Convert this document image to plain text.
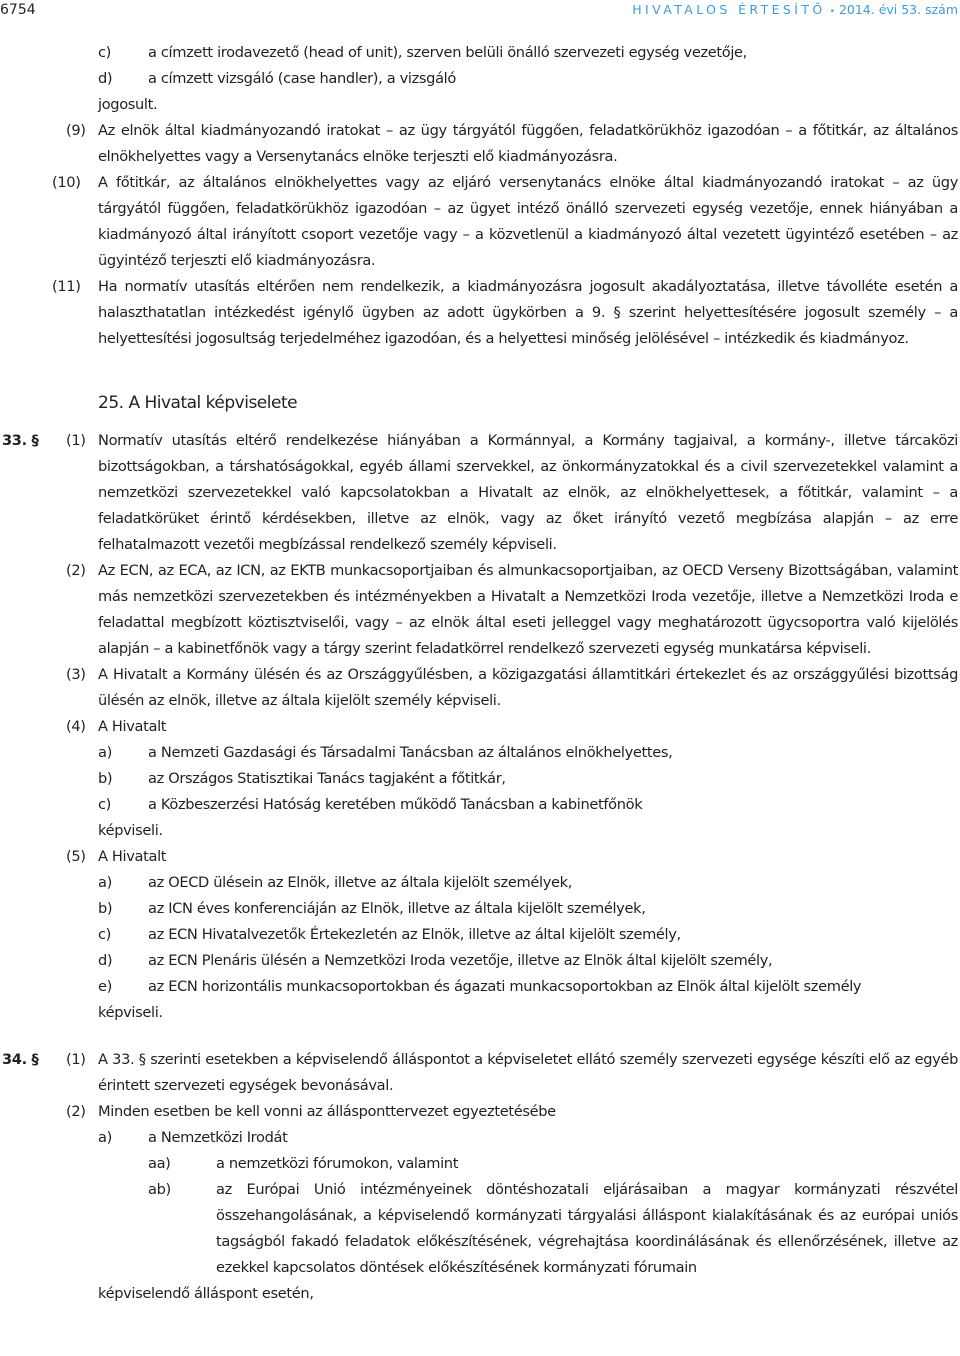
6754	HIVATALOS ÉRTESÍTŐ • 2014. évi 53. szám
c)	a címzett irodavezető (head of unit), szerven belüli önálló szervezeti egység vezetője,
d) a címzett vizsgáló (case handler), a vizsgáló
jogosult.
(9) Az elnök által kiadmányozandó iratokat – az ügy tárgyától függően, feladatkörükhöz igazodóan – a főtitkár, az általános elnökhelyettes vagy a Versenytanács elnöke terjeszti elő kiadmányozásra.
(10) A főtitkár, az általános elnökhelyettes vagy az eljáró versenytanács elnöke által kiadmányozandó iratokat – az ügy tárgyától függően, feladatkörükhöz igazodóan – az ügyet intéző önálló szervezeti egység vezetője, ennek hiányában a kiadmányozó által irányított csoport vezetője vagy – a közvetlenül a kiadmányozó által vezetett ügyintéző esetében – az ügyintéző terjeszti elő kiadmányozásra.
(11) Ha normatív utasítás eltérően nem rendelkezik, a kiadmányozásra jogosult akadályoztatása, illetve távolléte esetén a halaszthatatlan intézkedést igénylő ügyben az adott ügykörben a 9. § szerint helyettesítésére jogosult személy – a helyettesítési jogosultság terjedelméhez igazodóan, és a helyettesi minőség jelölésével – intézkedik és kiadmányoz.
25. A Hivatal képviselete
33. § (1) Normatív utasítás eltérő rendelkezése hiányában a Kormánnyal, a Kormány tagjaival, a kormány-, illetve tárcaközi bizottságokban, a társhatóságokkal, egyéb állami szervekkel, az önkormányzatokkal és a civil szervezetekkel valamint a nemzetközi szervezetekkel való kapcsolatokban a Hivatalt az elnök, az elnökhelyettesek, a főtitkár, valamint – a feladatkörüket érintő kérdésekben, illetve az elnök, vagy az őket irányító vezető megbízása alapján – az erre felhatalmazott vezetői megbízással rendelkező személy képviseli.
(2) Az ECN, az ECA, az ICN, az EKTB munkacsoportjaiban és almunkacsoportjaiban, az OECD Verseny Bizottságában, valamint más nemzetközi szervezetekben és intézményekben a Hivatalt a Nemzetközi Iroda vezetője, illetve a Nemzetközi Iroda e feladattal megbízott köztisztviselői, vagy – az elnök által eseti jelleggel vagy meghatározott ügycsoportra való kijelölés alapján – a kabinetfőnök vagy a tárgy szerint feladatkörrel rendelkező szervezeti egység munkatársa képviseli.
(3) A Hivatalt a Kormány ülésén és az Országgyűlésben, a közigazgatási államtitkári értekezlet és az országgyűlési bizottság ülésén az elnök, illetve az általa kijelölt személy képviseli.
(4) A Hivatalt
a) a Nemzeti Gazdasági és Társadalmi Tanácsban az általános elnökhelyettes,
b) az Országos Statisztikai Tanács tagjaként a főtitkár,
c)	a Közbeszerzési Hatóság keretében működő Tanácsban a kabinetfőnök
képviseli.
(5) A Hivatalt
a) az OECD ülésein az Elnök, illetve az általa kijelölt személyek,
b) az ICN éves konferenciáján az Elnök, illetve az általa kijelölt személyek,
c)	az ECN Hivatalvezetők Értekezletén az Elnök, illetve az által kijelölt személy,
d) az ECN Plenáris ülésén a Nemzetközi Iroda vezetője, illetve az Elnök által kijelölt személy,
e) az ECN horizontális munkacsoportokban és ágazati munkacsoportokban az Elnök által kijelölt személy
képviseli.
34. § (1) A 33. § szerinti esetekben a képviselendő álláspontot a képviseletet ellátó személy szervezeti egysége készíti elő az egyéb érintett szervezeti egységek bevonásával.
(2) Minden esetben be kell vonni az állásponttervezet egyeztetésébe
a) a Nemzetközi Irodát
aa)	a nemzetközi fórumokon, valamint
ab)	az Európai Unió intézményeinek döntéshozatali eljárásaiban a magyar kormányzati részvétel összehangolásának, a képviselendő kormányzati tárgyalási álláspont kialakításának és az európai uniós tagságból fakadó feladatok előkészítésének, végrehajtása koordinálásának és ellenőrzésének, illetve az ezekkel kapcsolatos döntések előkészítésének kormányzati fórumain
képviselendő álláspont esetén,
